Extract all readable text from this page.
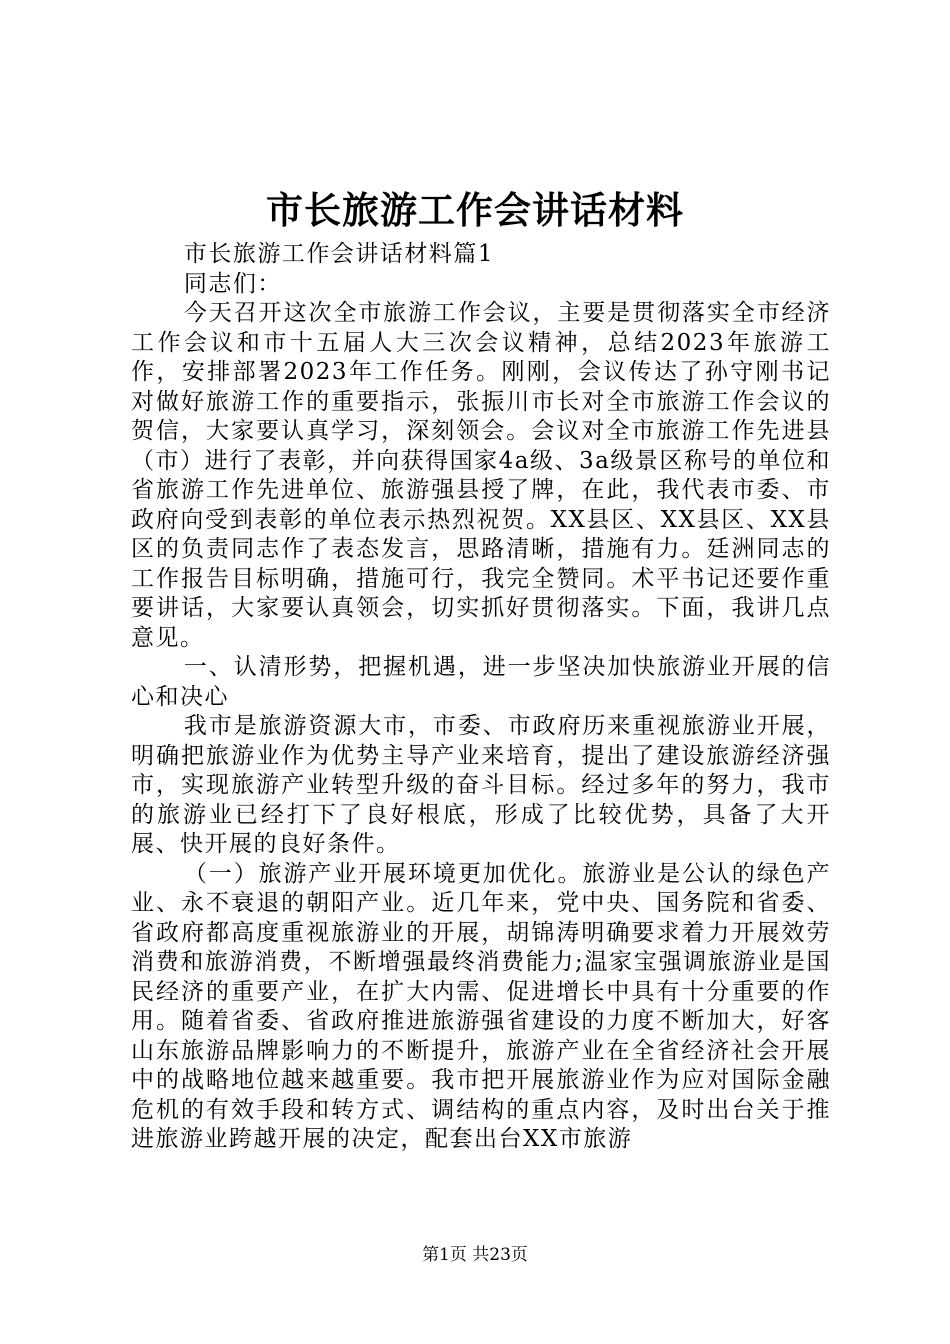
市长旅游工作会讲话材料

市长旅游工作会讲话材料篇1

同志们：

今天召开这次全市旅游工作会议，主要是贯彻落实全市经济工作会议和市十五届人大三次会议精神，总结2023年旅游工作，安排部署2023年工作任务。刚刚，会议传达了孙守刚书记对做好旅游工作的重要指示，张振川市长对全市旅游工作会议的贺信，大家要认真学习，深刻领会。会议对全市旅游工作先进县（市）进行了表彰，并向获得国家4a级、3a级景区称号的单位和省旅游工作先进单位、旅游强县授了牌，在此，我代表市委、市政府向受到表彰的单位表示热烈祝贺。XX县区、XX县区、XX县区的负责同志作了表态发言，思路清晰，措施有力。廷洲同志的工作报告目标明确，措施可行，我完全赞同。术平书记还要作重要讲话，大家要认真领会，切实抓好贯彻落实。下面，我讲几点意见。

一、认清形势，把握机遇，进一步坚决加快旅游业开展的信心和决心

我市是旅游资源大市，市委、市政府历来重视旅游业开展，明确把旅游业作为优势主导产业来培育，提出了建设旅游经济强市，实现旅游产业转型升级的奋斗目标。经过多年的努力，我市的旅游业已经打下了良好根底，形成了比较优势，具备了大开展、快开展的良好条件。

（一）旅游产业开展环境更加优化。旅游业是公认的绿色产业、永不衰退的朝阳产业。近几年来，党中央、国务院和省委、省政府都高度重视旅游业的开展，胡锦涛明确要求着力开展效劳消费和旅游消费，不断增强最终消费能力;温家宝强调旅游业是国民经济的重要产业，在扩大内需、促进增长中具有十分重要的作用。随着省委、省政府推进旅游强省建设的力度不断加大，好客山东旅游品牌影响力的不断提升，旅游产业在全省经济社会开展中的战略地位越来越重要。我市把开展旅游业作为应对国际金融危机的有效手段和转方式、调结构的重点内容，及时出台关于推进旅游业跨越开展的决定，配套出台XX市旅游

第1页 共23页
